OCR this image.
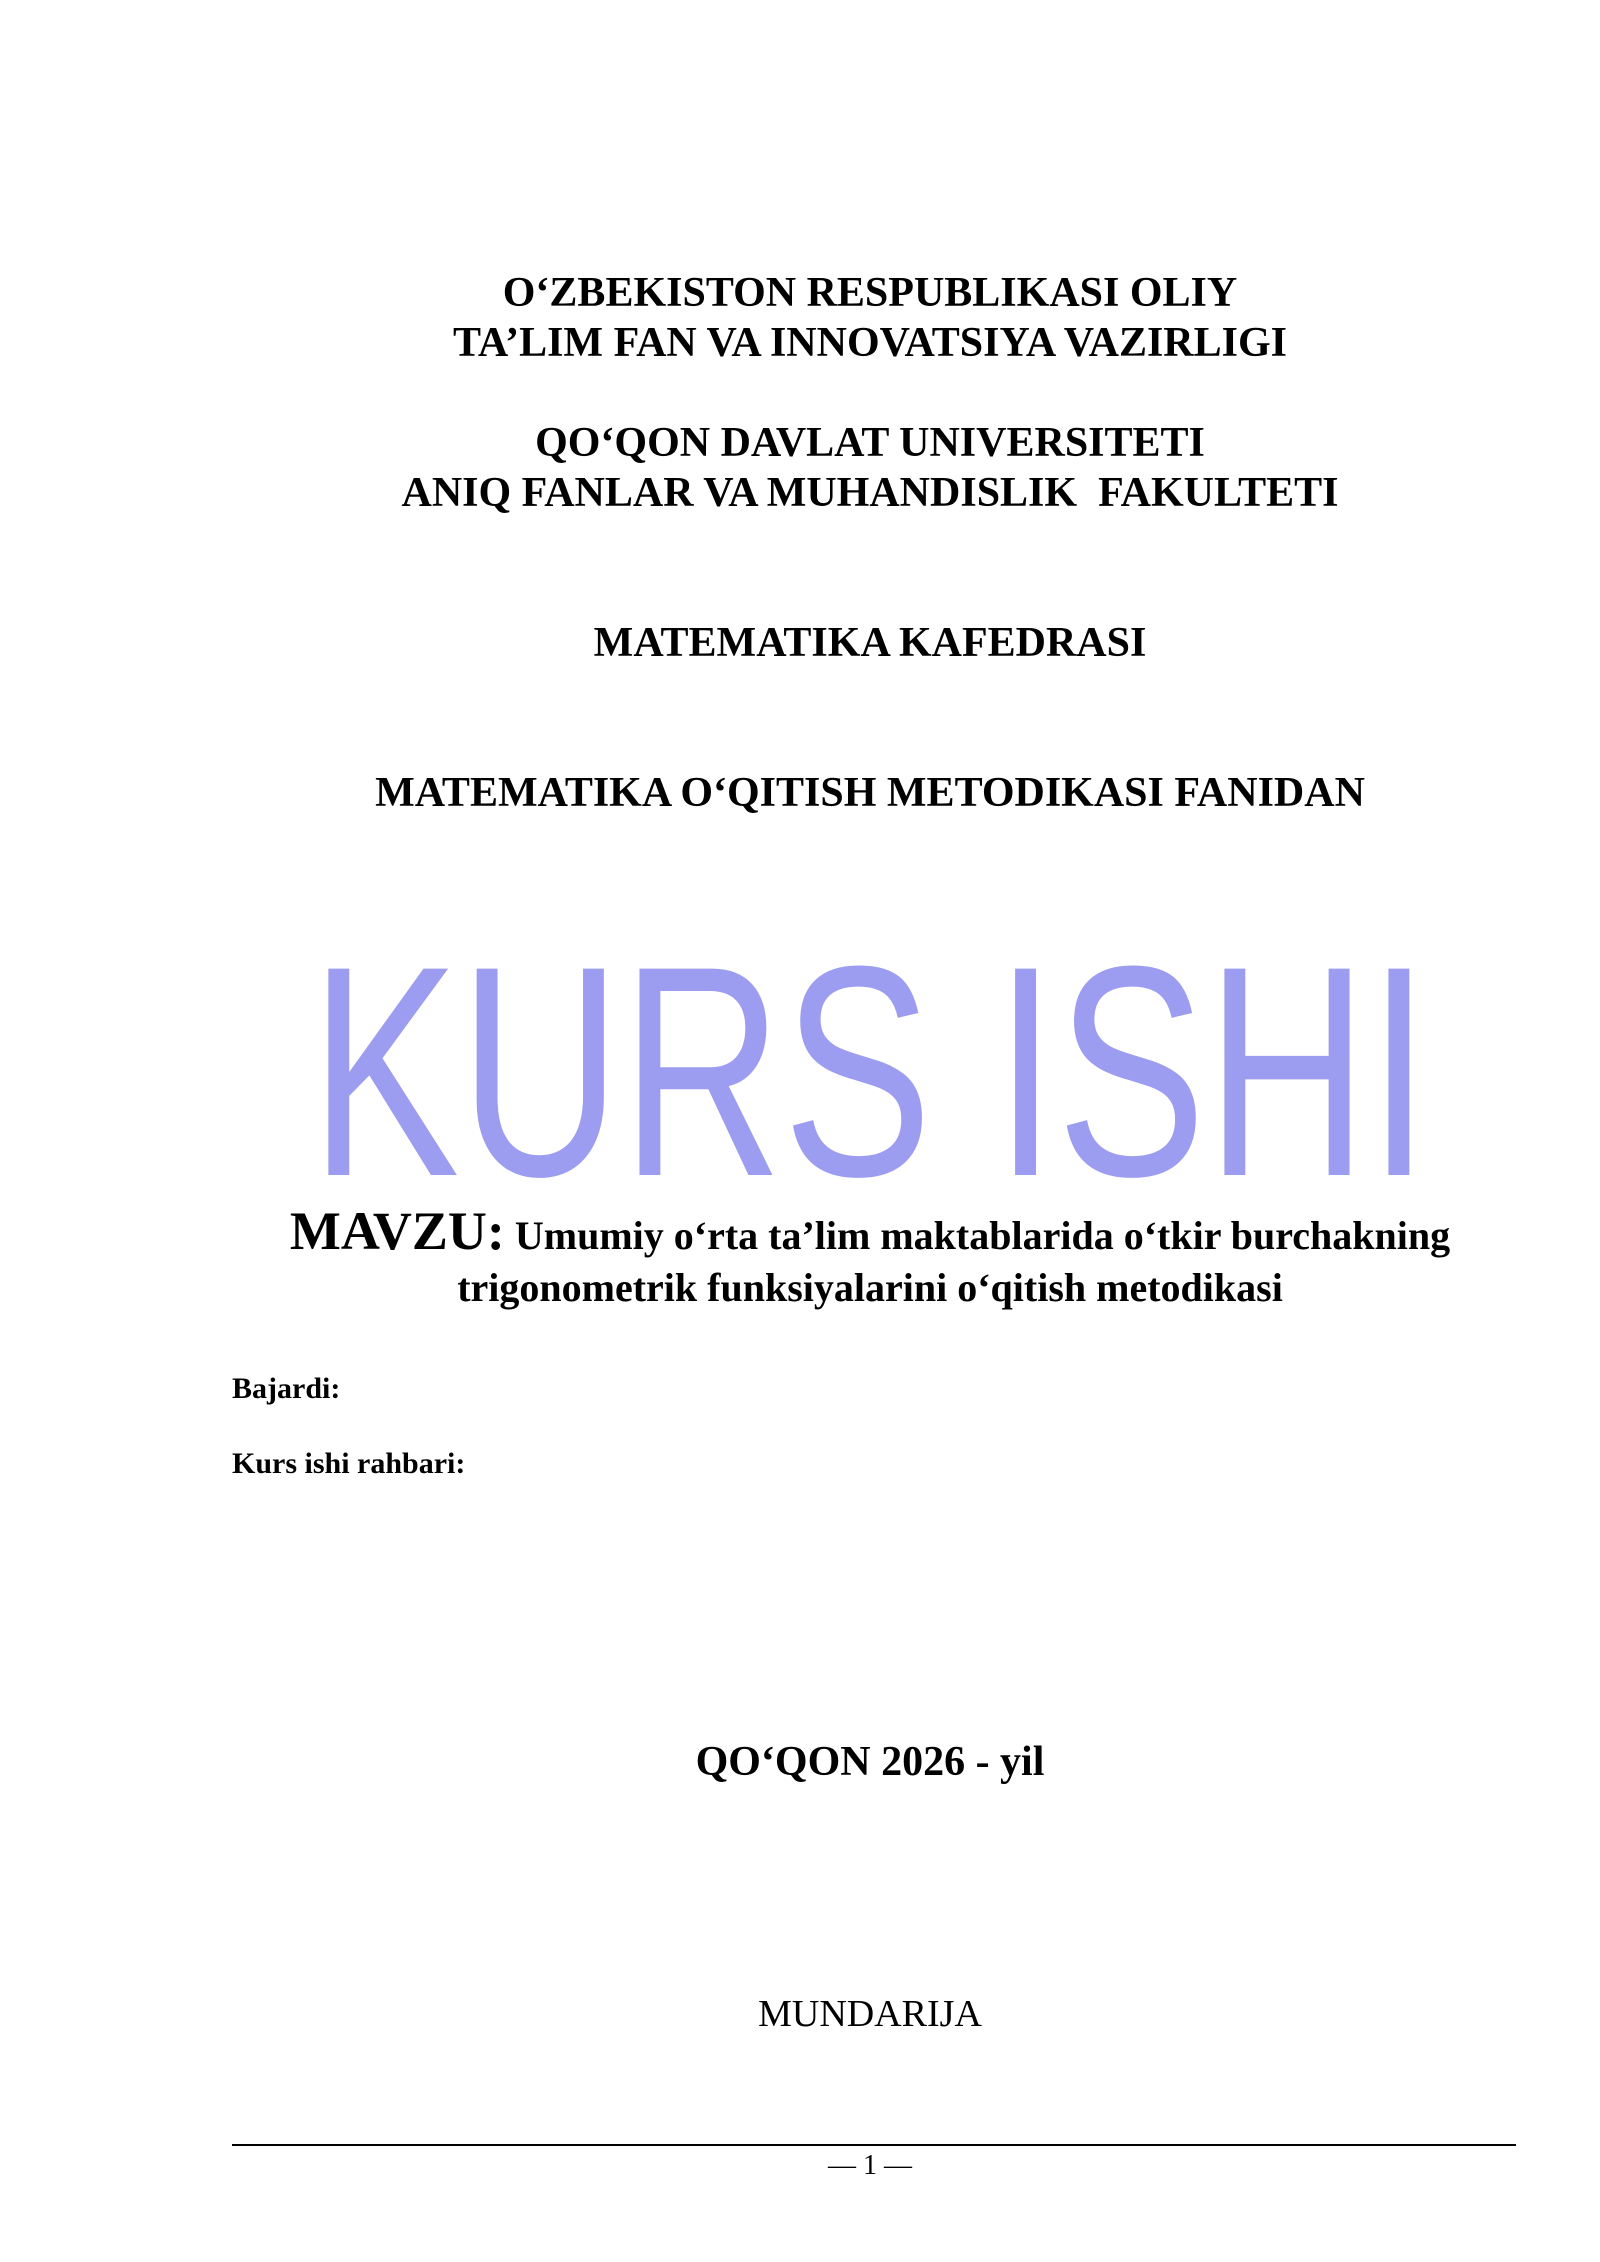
O‘ZBEKISTON RESPUBLIKASI OLIY
TA’LIM FAN VA INNOVATSIYA VAZIRLIGI
QO‘QON DAVLAT UNIVERSITETI
ANIQ FANLAR VA MUHANDISLIK  FAKULTETI
MATEMATIKA KAFEDRASI
MATEMATIKA O‘QITISH METODIKASI FANIDAN
KURS ISHI
MAVZU: Umumiy o‘rta ta’lim maktablarida o‘tkir burchakning trigonometrik funksiyalarini o‘qitish metodikasi
Bajardi:
Kurs ishi rahbari:
QO‘QON 2026 - yil
MUNDARIJA
— 1 —
